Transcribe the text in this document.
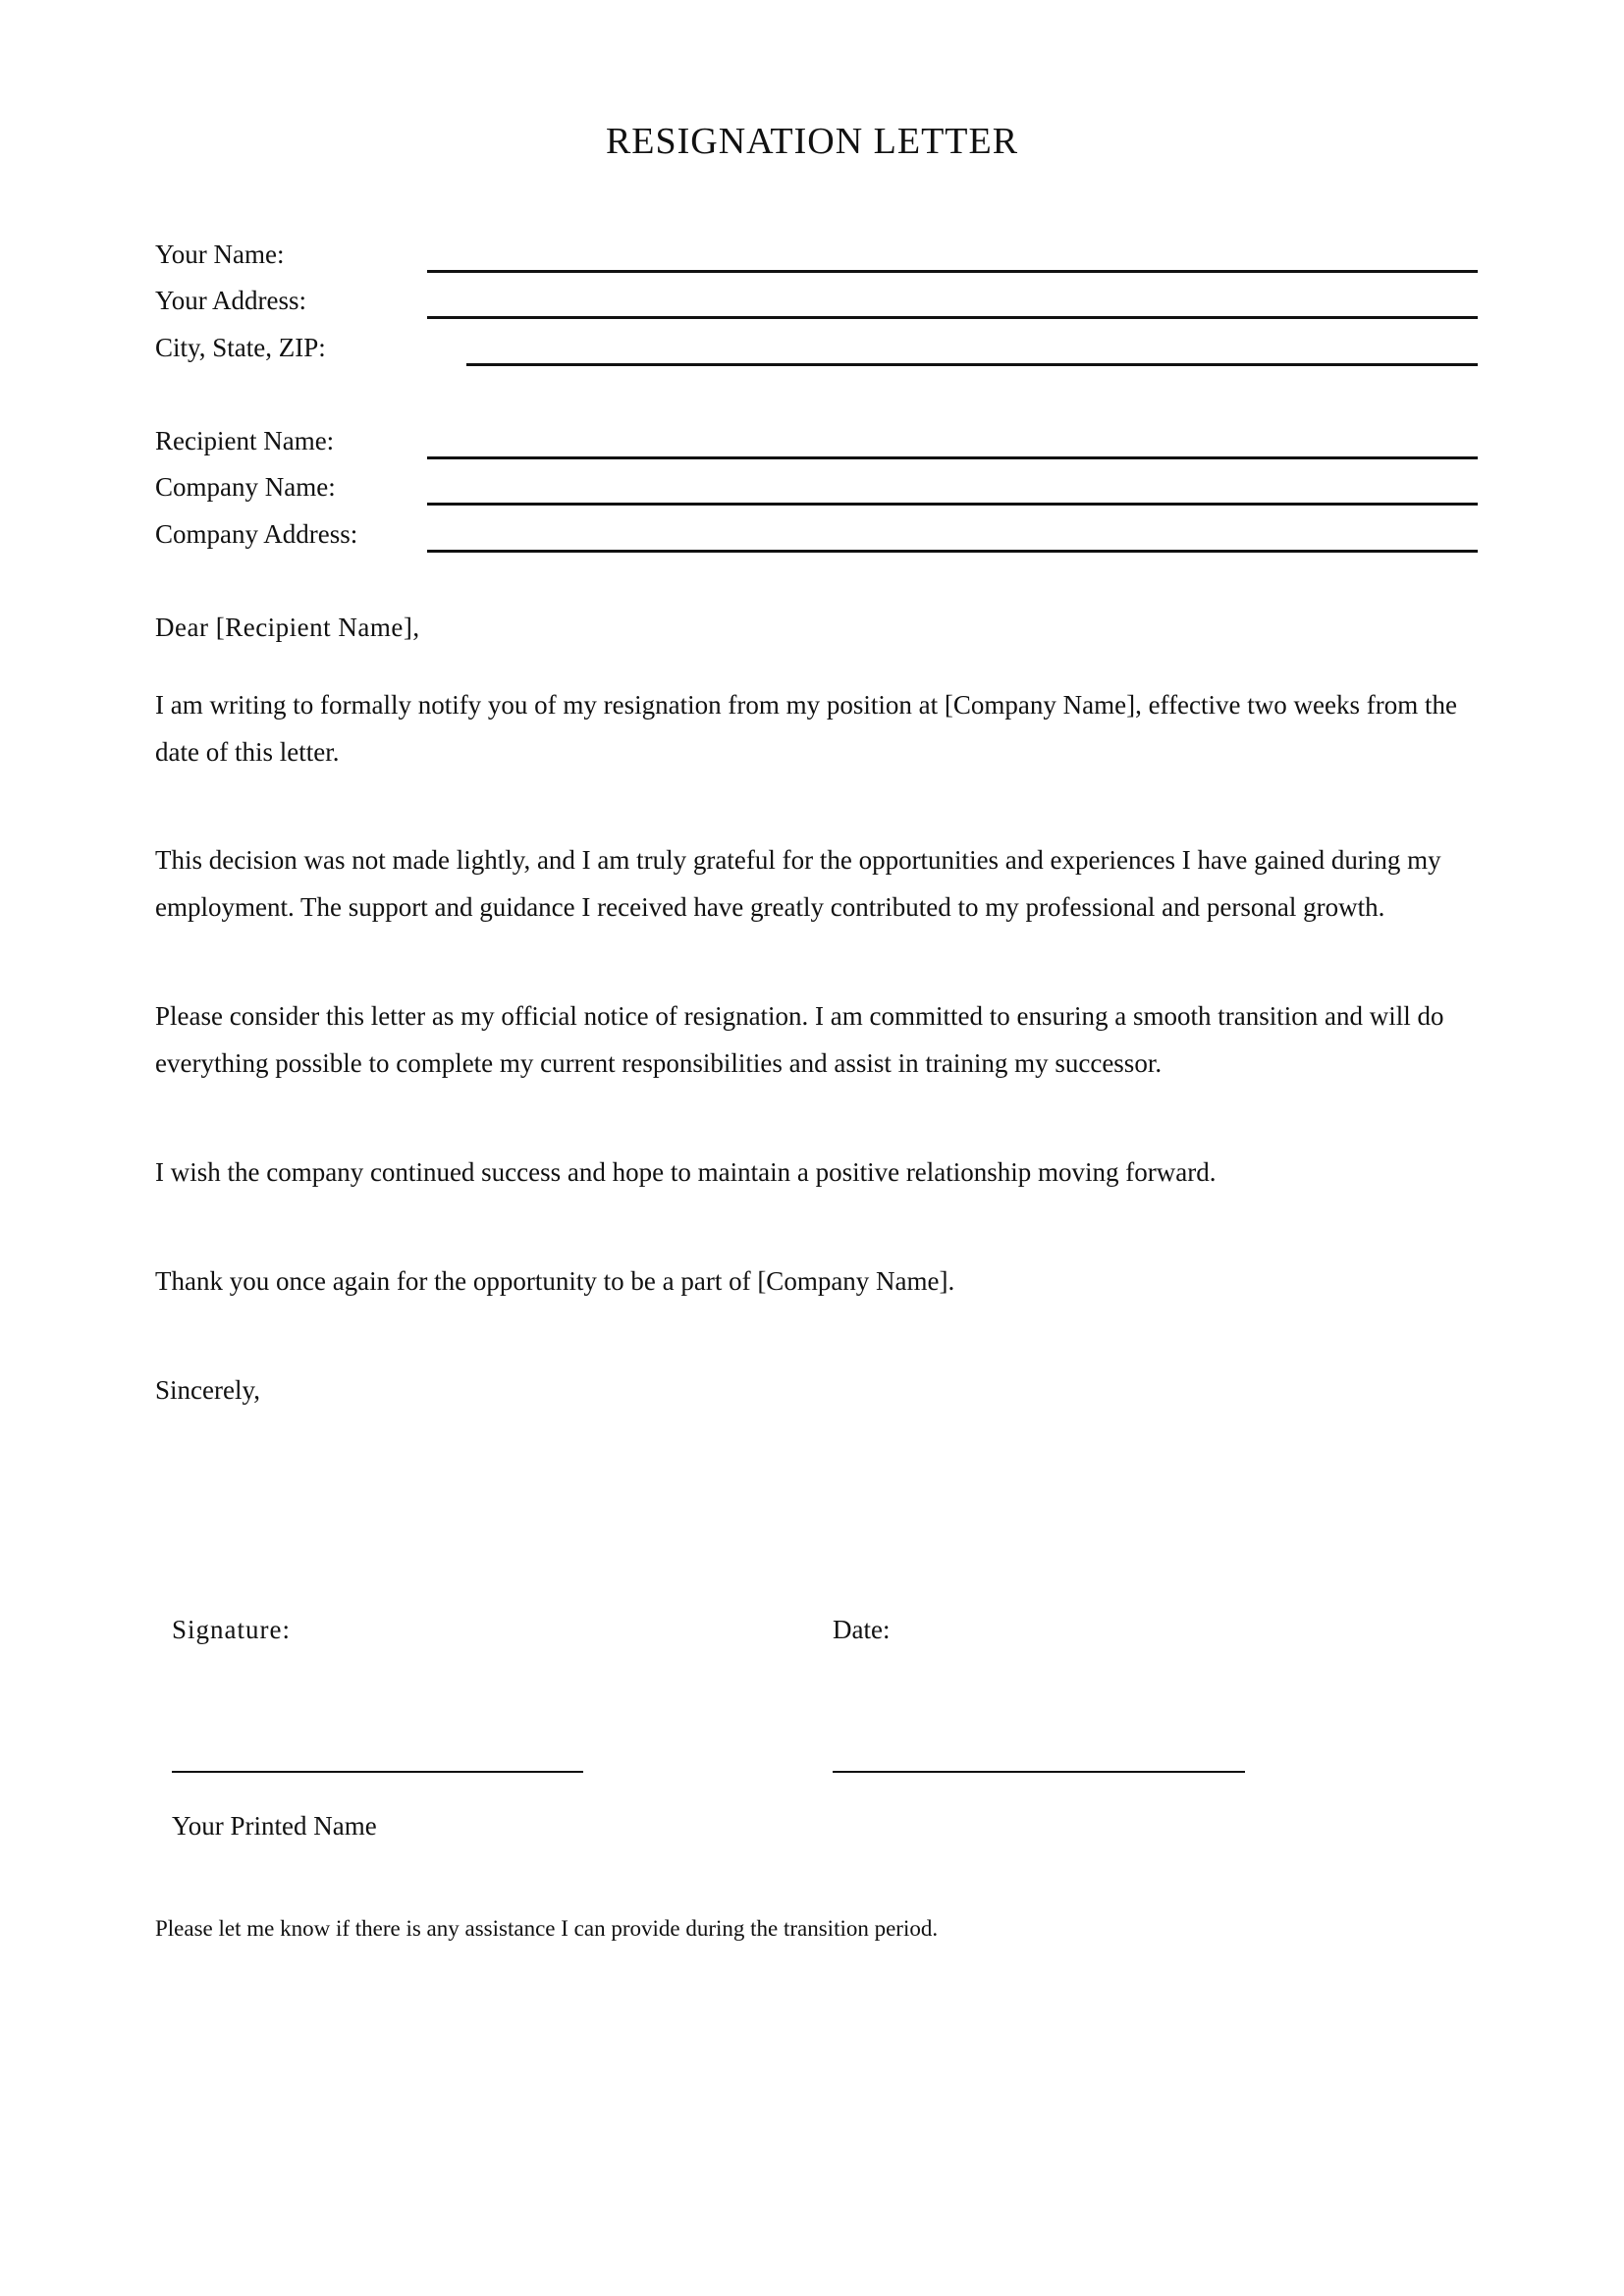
RESIGNATION LETTER
Your Name:
Your Address:
City, State, ZIP:
Recipient Name:
Company Name:
Company Address:
Dear [Recipient Name],
I am writing to formally notify you of my resignation from my position at [Company Name], effective two weeks from the date of this letter.
This decision was not made lightly, and I am truly grateful for the opportunities and experiences I have gained during my employment. The support and guidance I received have greatly contributed to my professional and personal growth.
Please consider this letter as my official notice of resignation. I am committed to ensuring a smooth transition and will do everything possible to complete my current responsibilities and assist in training my successor.
I wish the company continued success and hope to maintain a positive relationship moving forward.
Thank you once again for the opportunity to be a part of [Company Name].
Sincerely,
Signature:	Date:
Your Printed Name
Please let me know if there is any assistance I can provide during the transition period.
